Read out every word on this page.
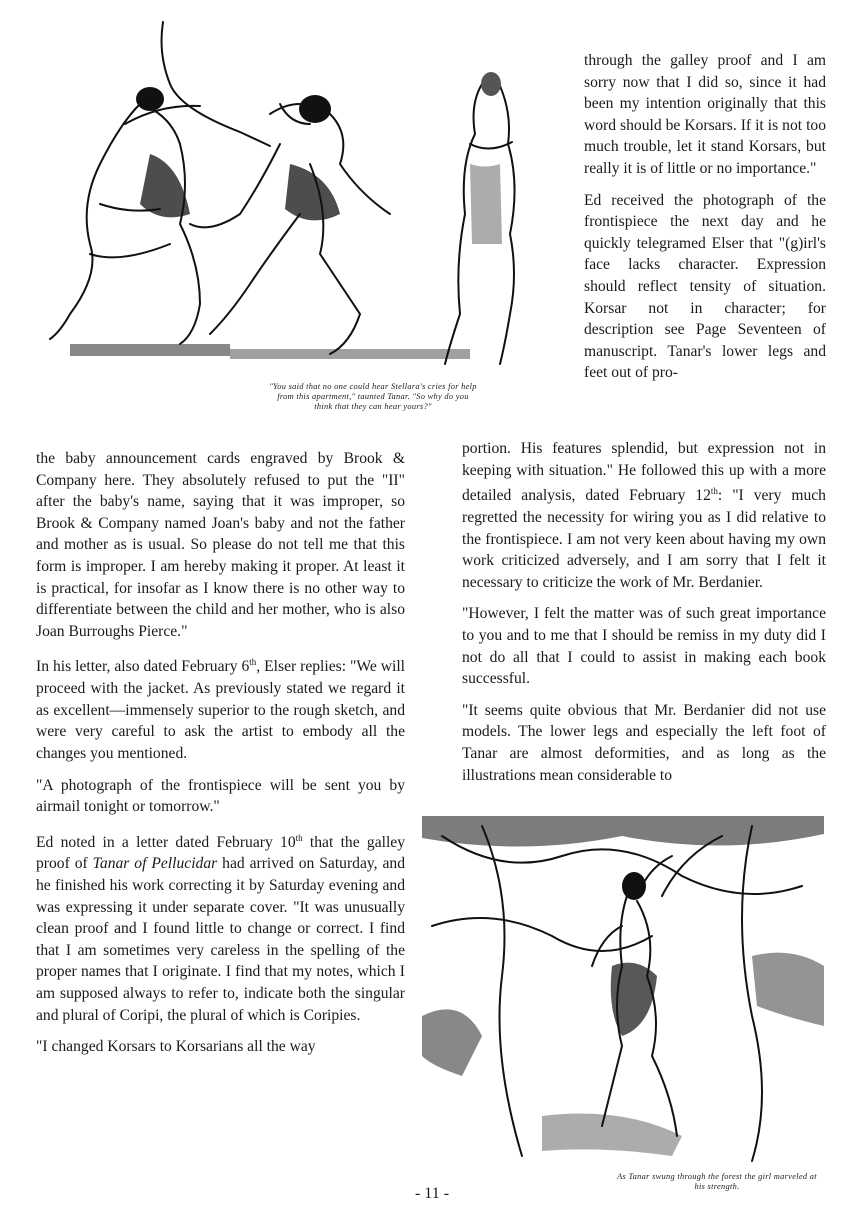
"You said that no one could hear Stellara's cries for help from this apartment," taunted Tanar. "So why do you think that they can hear yours?"

through the galley proof and I am sorry now that I did so, since it had been my intention originally that this word should be Korsars. If it is not too much trouble, let it stand Korsars, but really it is of little or no importance."

Ed received the photograph of the frontispiece the next day and he quickly telegramed Elser that "(g)irl's face lacks character. Expression should reflect tensity of situation. Korsar not in character; for description see Page Seventeen of manuscript. Tanar's lower legs and feet out of pro-

portion. His features splendid, but expression not in keeping with situation." He followed this up with a more detailed analysis, dated February 12th: "I very much regretted the necessity for wiring you as I did relative to the frontispiece. I am not very keen about having my own work criticized adversely, and I am sorry that I felt it necessary to criticize the work of Mr. Berdanier.

"However, I felt the matter was of such great importance to you and to me that I should be remiss in my duty did I not do all that I could to assist in making each book successful.

"It seems quite obvious that Mr. Berdanier did not use models. The lower legs and especially the left foot of Tanar are almost deformities, and as long as the illustrations mean considerable to

As Tanar swung through the forest the girl marveled at his strength.

the baby announcement cards engraved by Brook & Company here. They absolutely refused to put the "II" after the baby's name, saying that it was improper, so Brook & Company named Joan's baby and not the father and mother as is usual. So please do not tell me that this form is improper. I am hereby making it proper. At least it is practical, for insofar as I know there is no other way to differentiate between the child and her mother, who is also Joan Burroughs Pierce."

In his letter, also dated February 6th, Elser replies: "We will proceed with the jacket. As previously stated we regard it as excellent—immensely superior to the rough sketch, and were very careful to ask the artist to embody all the changes you mentioned.

"A photograph of the frontispiece will be sent you by airmail tonight or tomorrow."

Ed noted in a letter dated February 10th that the galley proof of Tanar of Pellucidar had arrived on Saturday, and he finished his work correcting it by Saturday evening and was expressing it under separate cover. "It was unusually clean proof and I found little to change or correct. I find that I am sometimes very careless in the spelling of the proper names that I originate. I find that my notes, which I am supposed always to refer to, indicate both the singular and plural of Coripi, the plural of which is Coripies.

"I changed Korsars to Korsarians all the way

- 11 -
